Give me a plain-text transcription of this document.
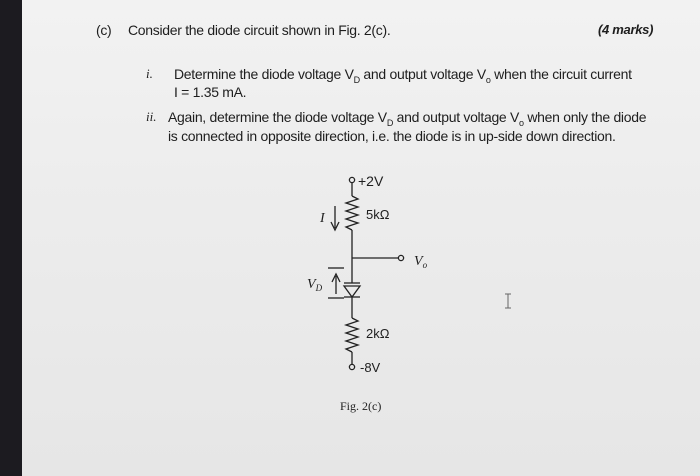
(c) Consider the diode circuit shown in Fig. 2(c).	(4 marks)
i. Determine the diode voltage $V_D$ and output voltage $V_o$ when the circuit current
I = 1.35 mA.
ii. Again, determine the diode voltage $V_D$ and output voltage $V_o$ when only the diode
is connected in opposite direction, i.e. the diode is in up-side down direction.
+2V
I	5kΩ
$V_o$
$V_D$
2kΩ
-8V
Fig. 2(c)
